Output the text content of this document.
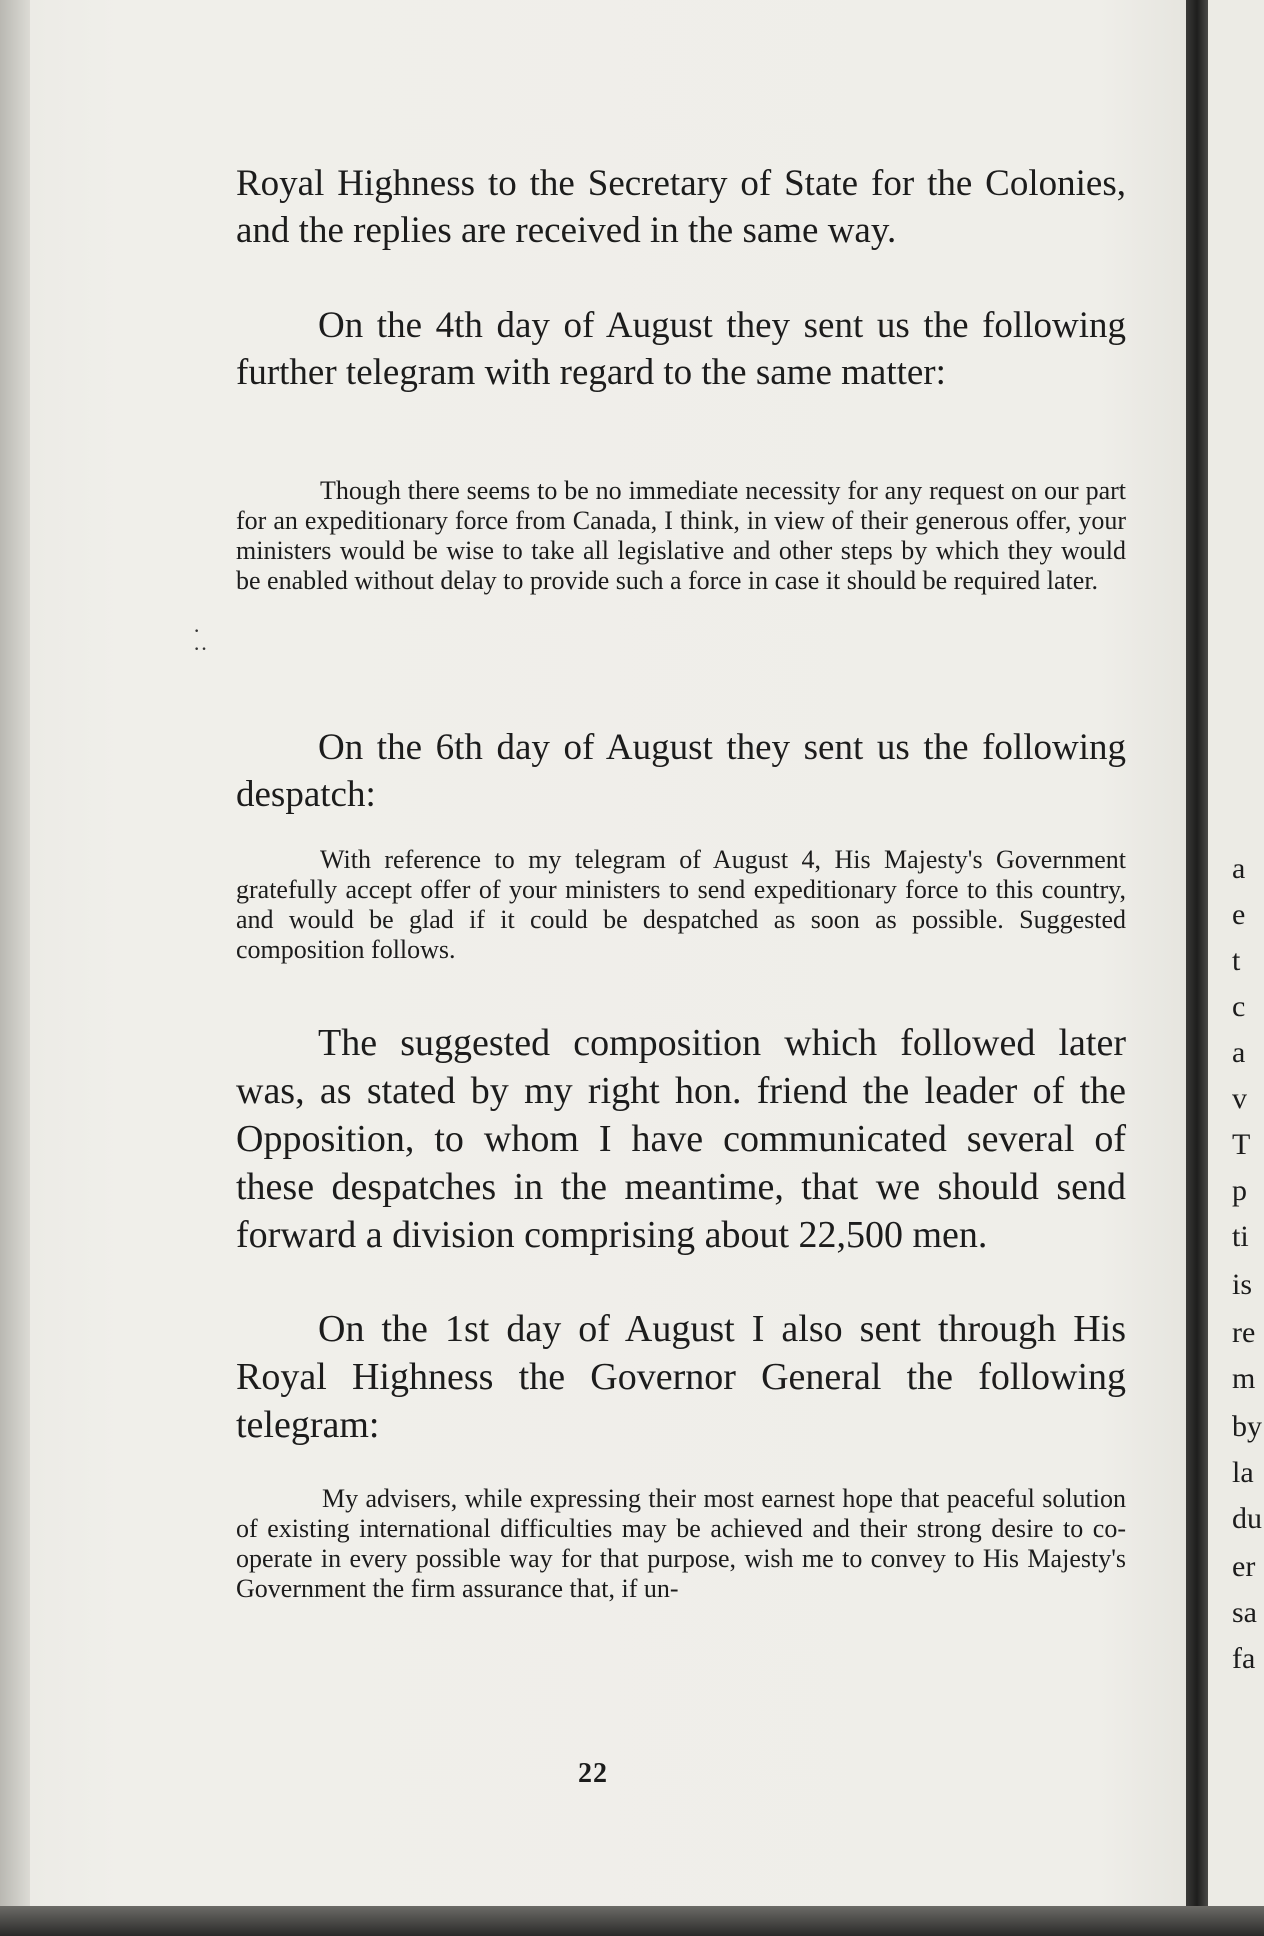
Royal Highness to the Secretary of State for the Colonies, and the replies are received in the same way.

On the 4th day of August they sent us the following further telegram with regard to the same matter:

Though there seems to be no immediate necessity for any request on our part for an expeditionary force from Canada, I think, in view of their generous offer, your ministers would be wise to take all legislative and other steps by which they would be enabled without delay to provide such a force in case it should be required later.

·
··

On the 6th day of August they sent us the following despatch:

With reference to my telegram of August 4, His Majesty's Government gratefully accept offer of your ministers to send expeditionary force to this country, and would be glad if it could be despatched as soon as possible. Suggested composition follows.

The suggested composition which followed later was, as stated by my right hon. friend the leader of the Opposition, to whom I have communicated several of these despatches in the meantime, that we should send forward a division comprising about 22,500 men.

On the 1st day of August I also sent through His Royal Highness the Governor General the following telegram:

My advisers, while expressing their most earnest hope that peaceful solution of existing international difficulties may be achieved and their strong desire to co-operate in every possible way for that purpose, wish me to convey to His Majesty's Government the firm assurance that, if un-

22
a
e
t
c
a
v
T
p
ti
is
re
m
by
la
du
er
sa
fa
